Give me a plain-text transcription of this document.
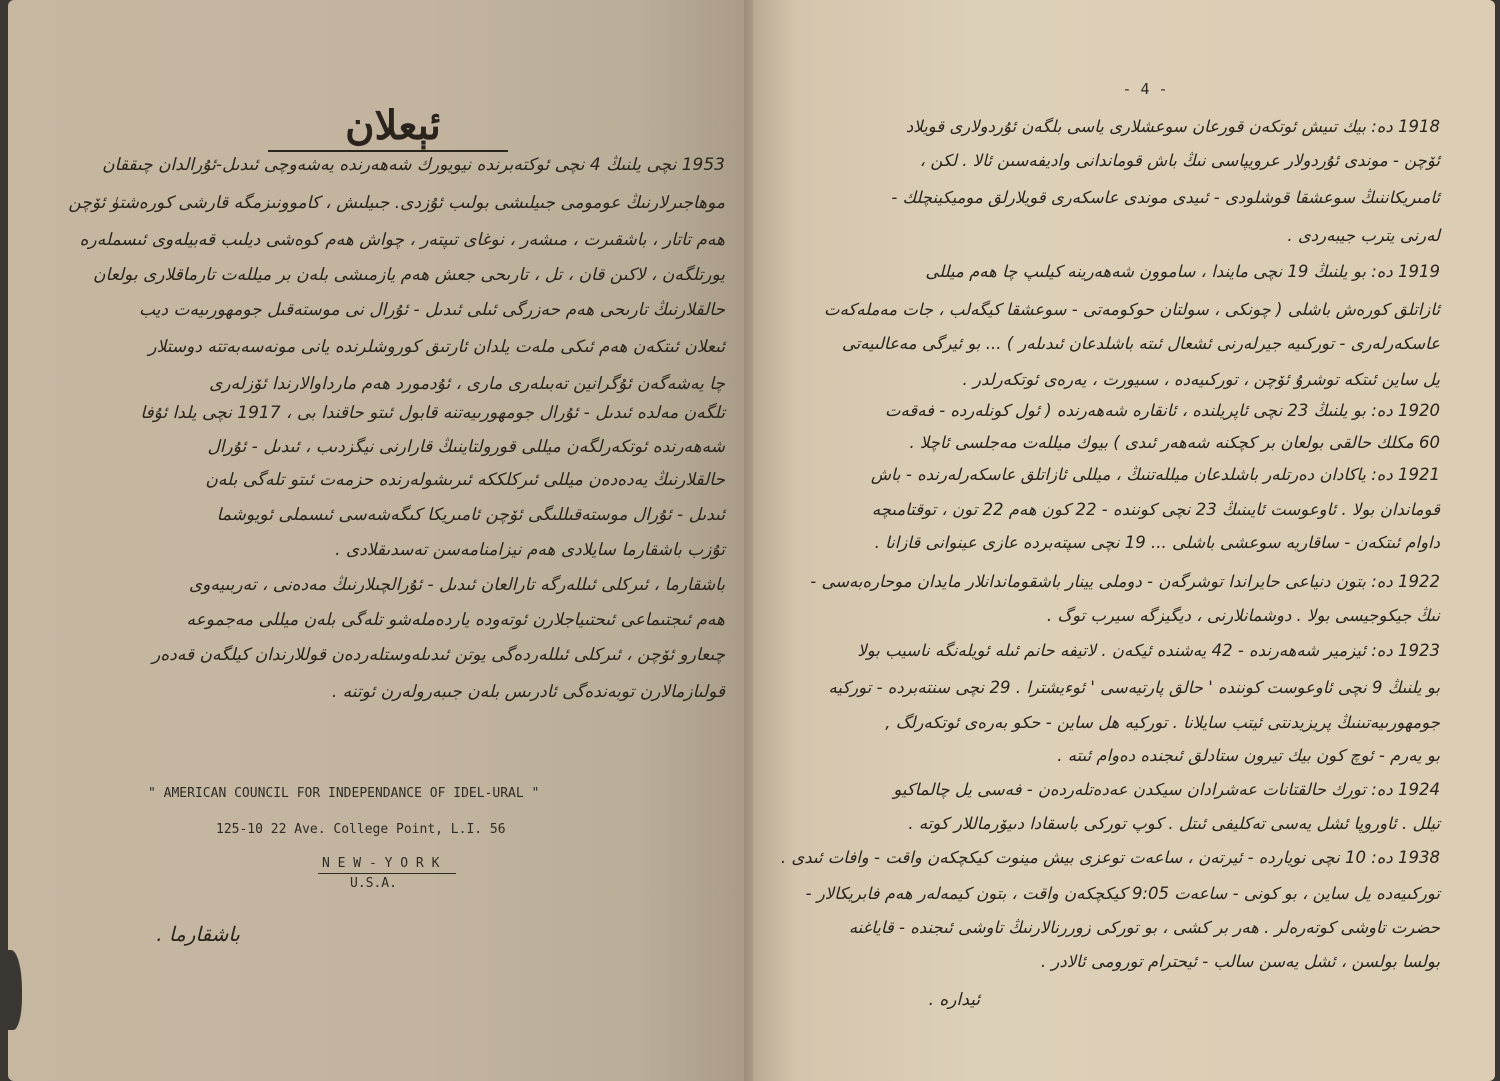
ئېعلان

1953 نچى يلنىڭ 4 نچى ئوكتەبرندە نيويورك شەھەرندە يەشەوچى ئىدىل-ئۇرالدان چىققان

موھاجىرلارنىڭ عومومى جىيلىشى بولىب ئۇزدى. جىيلىش ، كاموونىزمگە قارشى كورەشتۈ ئۆچن

ھەم تاتار ، باشقىرت ، مىشەر ، نوغاى تىپتەر ، چواش ھەم كوەشى ديلىب قەبيلەوى ئىسملەرە

يورتلگەن ، لاكىن قان ، تل ، تارىحى جعش ھەم يازمىشى بلەن بر ميللەت تارماقلارى بولعان

حالقلارنىڭ تارىحى ھەم حەزرگى ئىلى ئىدىل - ئۇرال نى موستەقىل جومھورىيەت ديب

ئىعلان ئىتكەن ھەم ئىكى ملەت يلدان ئارتىق كوروشلرندە يانى مونەسەبەتتە دوستلار

چا يەشەگەن ئۇگرانين تەبىلەرى مارى ، ئۇدمورد ھەم مارداوالارندا ئۆزلەرى

تلگەن مەلدە ئىدىل - ئۇرال جومھورىيەتنە قابول ئىتو حاقندا بى ، 1917 نچى يلدا ئۇفا

شەھەرندە ئوتكەرلگەن ميللى قورولتاينىڭ قارارنى نيگزدىب ، ئىدىل - ئۇرال

حالقلارنىڭ يەدەدەن ميللى ئىركلككە ئىرىشولەرندە حزمەت ئىتو تلەگى بلەن

ئىدىل - ئۇرال موستەقىللىگى ئۆچن ئامىريكا كىگەشەسى ئىسملى ئويوشما

تۇزب باشقارما سايلادى ھەم نيزامنامەسن تەسدىقلادى .

باشقارما ، ئىركلى ئىللەرگە تارالعان ئىدىل - ئۇرالچىلارنىڭ مەدەنى ، تەربىيەوى

ھەم ئىجتىماعى ئىحتىياجلارن ئوتەودە ياردەملەشو تلەگى بلەن ميللى مەجموعە

چىعارو ئۆچن ، ئىركلى ئىللەردەگى يوتن ئىدىلەوستلەردەن قوللارندان كيلگەن قەدەر

قولىازمالارن توبەندەگى ئادرىس بلەن جىبەرولەرن ئوتنە .

" AMERICAN COUNCIL FOR INDEPENDANCE OF IDEL-URAL "

125-10 22 Ave. College Point, L.I. 56

N E W - Y O R K

U.S.A.

باشقارما .

- 4 -

1918 دە: بيك تىيش ئوتكەن قورعان سوعشلارى ياسى بلگەن ئۇردولارى قويلاد

ئۆچن - موندى ئۇردولار عرويپاسى نىڭ باش قوماندانى واديفەسىن ئالا . لكن ،

ئامىريكاننىڭ سوعشقا قوشلودى - ئىيدى موندى عاسكەرى قويلارلق موميكينچلك -

لەرنى يترب جيبەردى .

1919 دە: بو يلنىڭ 19 نچى مايندا ، ساموون شەھەرينە كيلىپ چا ھەم ميللى

ئازاتلق كورەش باشلى ( چونكى ، سولتان حوكومەتى - سوعشقا كيگەلب ، جات مەملەكەت

عاسكەرلەرى - تورکىيە جيرلەرنى ئشعال ئىتە باشلدعان ئىدىلەر ) ... بو ئيرگى مەعالىيەتى

يل ساين ئىتكە توشرۇ ئۆچن ، توركىيەدە ، سىيورت ، يەرەى ئوتكەرلدر .

1920 دە: بو يلنىڭ 23 نچى ئاپريلندە ، ئانقارە شەھەرندە ( ئول كونلەردە - فەقەت

60 مكلك حالقى بولعان بر كچكنە شەھەر ئىدى ) بيوك ميللەت مەجلسى ئاچلا .

1921 دە: ياكادان دەرتلەر باشلدعان ميللەتنىڭ ، ميللى ئازاتلق عاسكەرلەرندە - باش

قوماندان بولا . ئاوعوست ئايىنىڭ 23 نچى كوننده - 22 كون ھەم 22 تون ، توقتامىچە

داوام ئىتكەن - ساقاريە سوعشى باشلى ... 19 نچى سپتەبردە عازى عينوانى قازانا .

1922 دە: بتون دنياعى حايراندا توشرگەن - دوملى يينار باشقوماندانلار مايدان موحارەبەسى -

نىڭ جيكوجيسى بولا . دوشمانلارنى ، ديگيزگە سيرب توگ .

1923 دە: ئيزمير شەھەرندە - 42 يەشندە ئيكەن . لاتيفە حانم ئىلە ئويلەنگە ناسيب بولا

بو يلنىڭ 9 نچى ئاوعوست كوننده ' حالق پارتيەسى ' ئوءيشترا . 29 نچى سنتەبردە - توركيە

جومھورىيەتىنىڭ پريزيدنتى ئيتب سايلانا . توركيە ھل ساين - حكو بەرەى ئوتكەرلگ ,

بو يەرم - ئوچ كون بيك تيرون ستادلق ئىجندە دەوام ئىتە .

1924 دە: تورك حالقتانات عەشرادان سيكدن عەدەتلەردەن - فەسى يل چالماكيو

تيلل . ئاوروپا ئشل يەسى تەكليفى ئىتل . كوپ توركى باسقادا دىيۆرماللار كوتە .

1938 دە: 10 نچى نوياردە - ئيرتەن ، ساعەت توعزى بيش مينوت كيكچكەن واقت - وافات ئىدى .

توركىيەدە يل ساين ، بو كونى - ساعەت 9:05 كيكچكەن واقت ، بتون كيمەلەر ھەم فابريكالار -

حضرت تاوشى كوتەرەلر . ھەر بر كشى ، بو توركى زوررنالارنىڭ تاوشى ئىجندە - قاياغنە

بولسا بولسن ، ئشل يەسن سالب - ئيحترام تورومى ئالادر .

ئيدارە .
